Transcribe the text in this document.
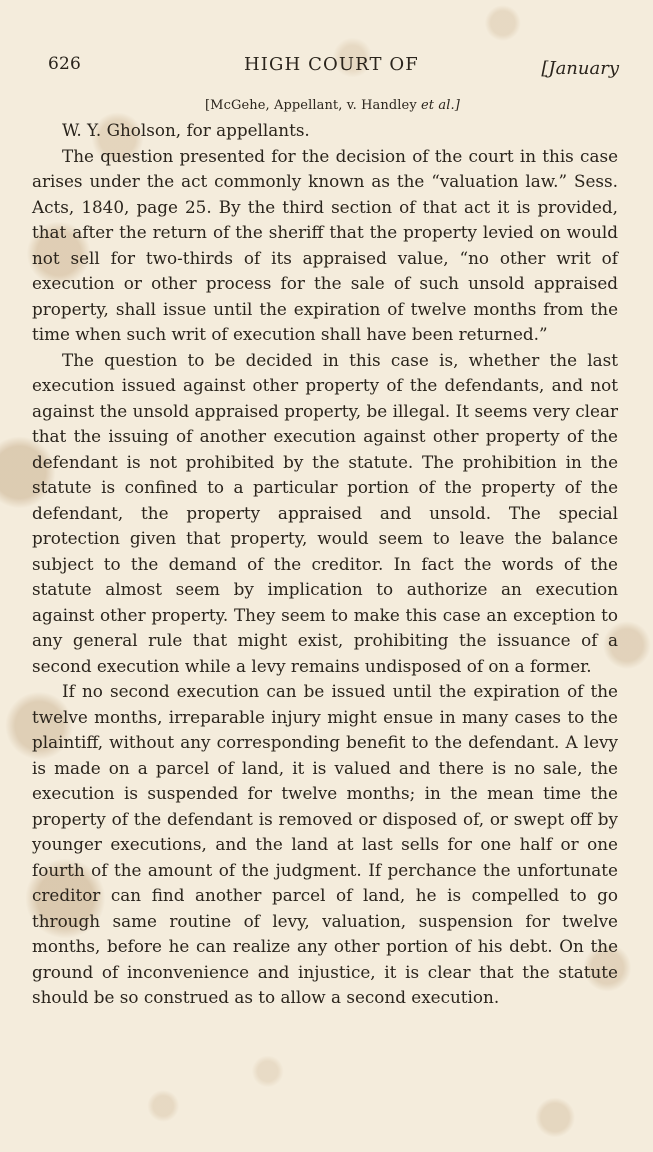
626	HIGH COURT OF	[January
[McGehe, Appellant, v. Handley et al.]

W. Y. Gholson, for appellants.

The question presented for the decision of the court in this case arises under the act commonly known as the “valuation law.” Sess. Acts, 1840, page 25. By the third section of that act it is provided, that after the return of the sheriff that the property levied on would not sell for two-thirds of its appraised value, “no other writ of execution or other process for the sale of such unsold appraised property, shall issue until the expiration of twelve months from the time when such writ of execution shall have been returned.”

The question to be decided in this case is, whether the last execution issued against other property of the defendants, and not against the unsold appraised property, be illegal. It seems very clear that the issuing of another execution against other property of the defendant is not prohibited by the statute. The prohibition in the statute is confined to a particular portion of the property of the defendant, the property appraised and unsold. The special protection given that property, would seem to leave the balance subject to the demand of the creditor. In fact the words of the statute almost seem by implication to authorize an execution against other property. They seem to make this case an exception to any general rule that might exist, prohibiting the issuance of a second execution while a levy remains undisposed of on a former.

If no second execution can be issued until the expiration of the twelve months, irreparable injury might ensue in many cases to the plaintiff, without any corresponding benefit to the defendant. A levy is made on a parcel of land, it is valued and there is no sale, the execution is suspended for twelve months; in the mean time the property of the defendant is removed or disposed of, or swept off by younger executions, and the land at last sells for one half or one fourth of the amount of the judgment. If perchance the unfortunate creditor can find another parcel of land, he is compelled to go through same routine of levy, valuation, suspension for twelve months, before he can realize any other portion of his debt. On the ground of inconvenience and injustice, it is clear that the statute should be so construed as to allow a second execution.
